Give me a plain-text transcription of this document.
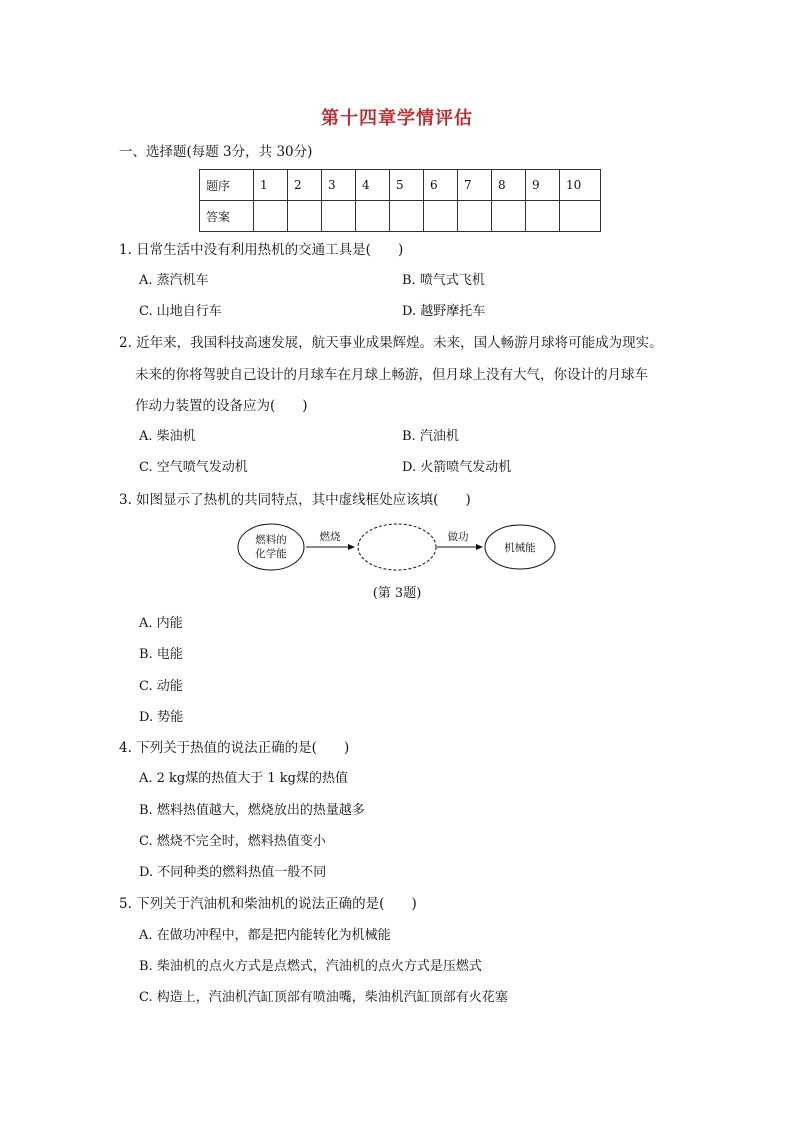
第十四章学情评估
一、选择题(每题 3分，共 30分)
题序	1	2	3	4	5	6	7	8	9	10
答案										
1. 日常生活中没有利用热机的交通工具是(　　)
A. 蒸汽机车	B. 喷气式飞机
C. 山地自行车	D. 越野摩托车
2. 近年来，我国科技高速发展，航天事业成果辉煌。未来，国人畅游月球将可能成为现实。
未来的你将驾驶自己设计的月球车在月球上畅游，但月球上没有大气，你设计的月球车
作动力装置的设备应为(　　)
A. 柴油机	B. 汽油机
C. 空气喷气发动机	D. 火箭喷气发动机
3. 如图显示了热机的共同特点，其中虚线框处应该填(　　)
燃料的
化学能
燃烧	做功
机械能
(第 3题)
A. 内能
B. 电能
C. 动能
D. 势能
4. 下列关于热值的说法正确的是(　　)
A. 2 kg煤的热值大于 1 kg煤的热值
B. 燃料热值越大，燃烧放出的热量越多
C. 燃烧不完全时，燃料热值变小
D. 不同种类的燃料热值一般不同
5. 下列关于汽油机和柴油机的说法正确的是(　　)
A. 在做功冲程中，都是把内能转化为机械能
B. 柴油机的点火方式是点燃式，汽油机的点火方式是压燃式
C. 构造上，汽油机汽缸顶部有喷油嘴，柴油机汽缸顶部有火花塞
